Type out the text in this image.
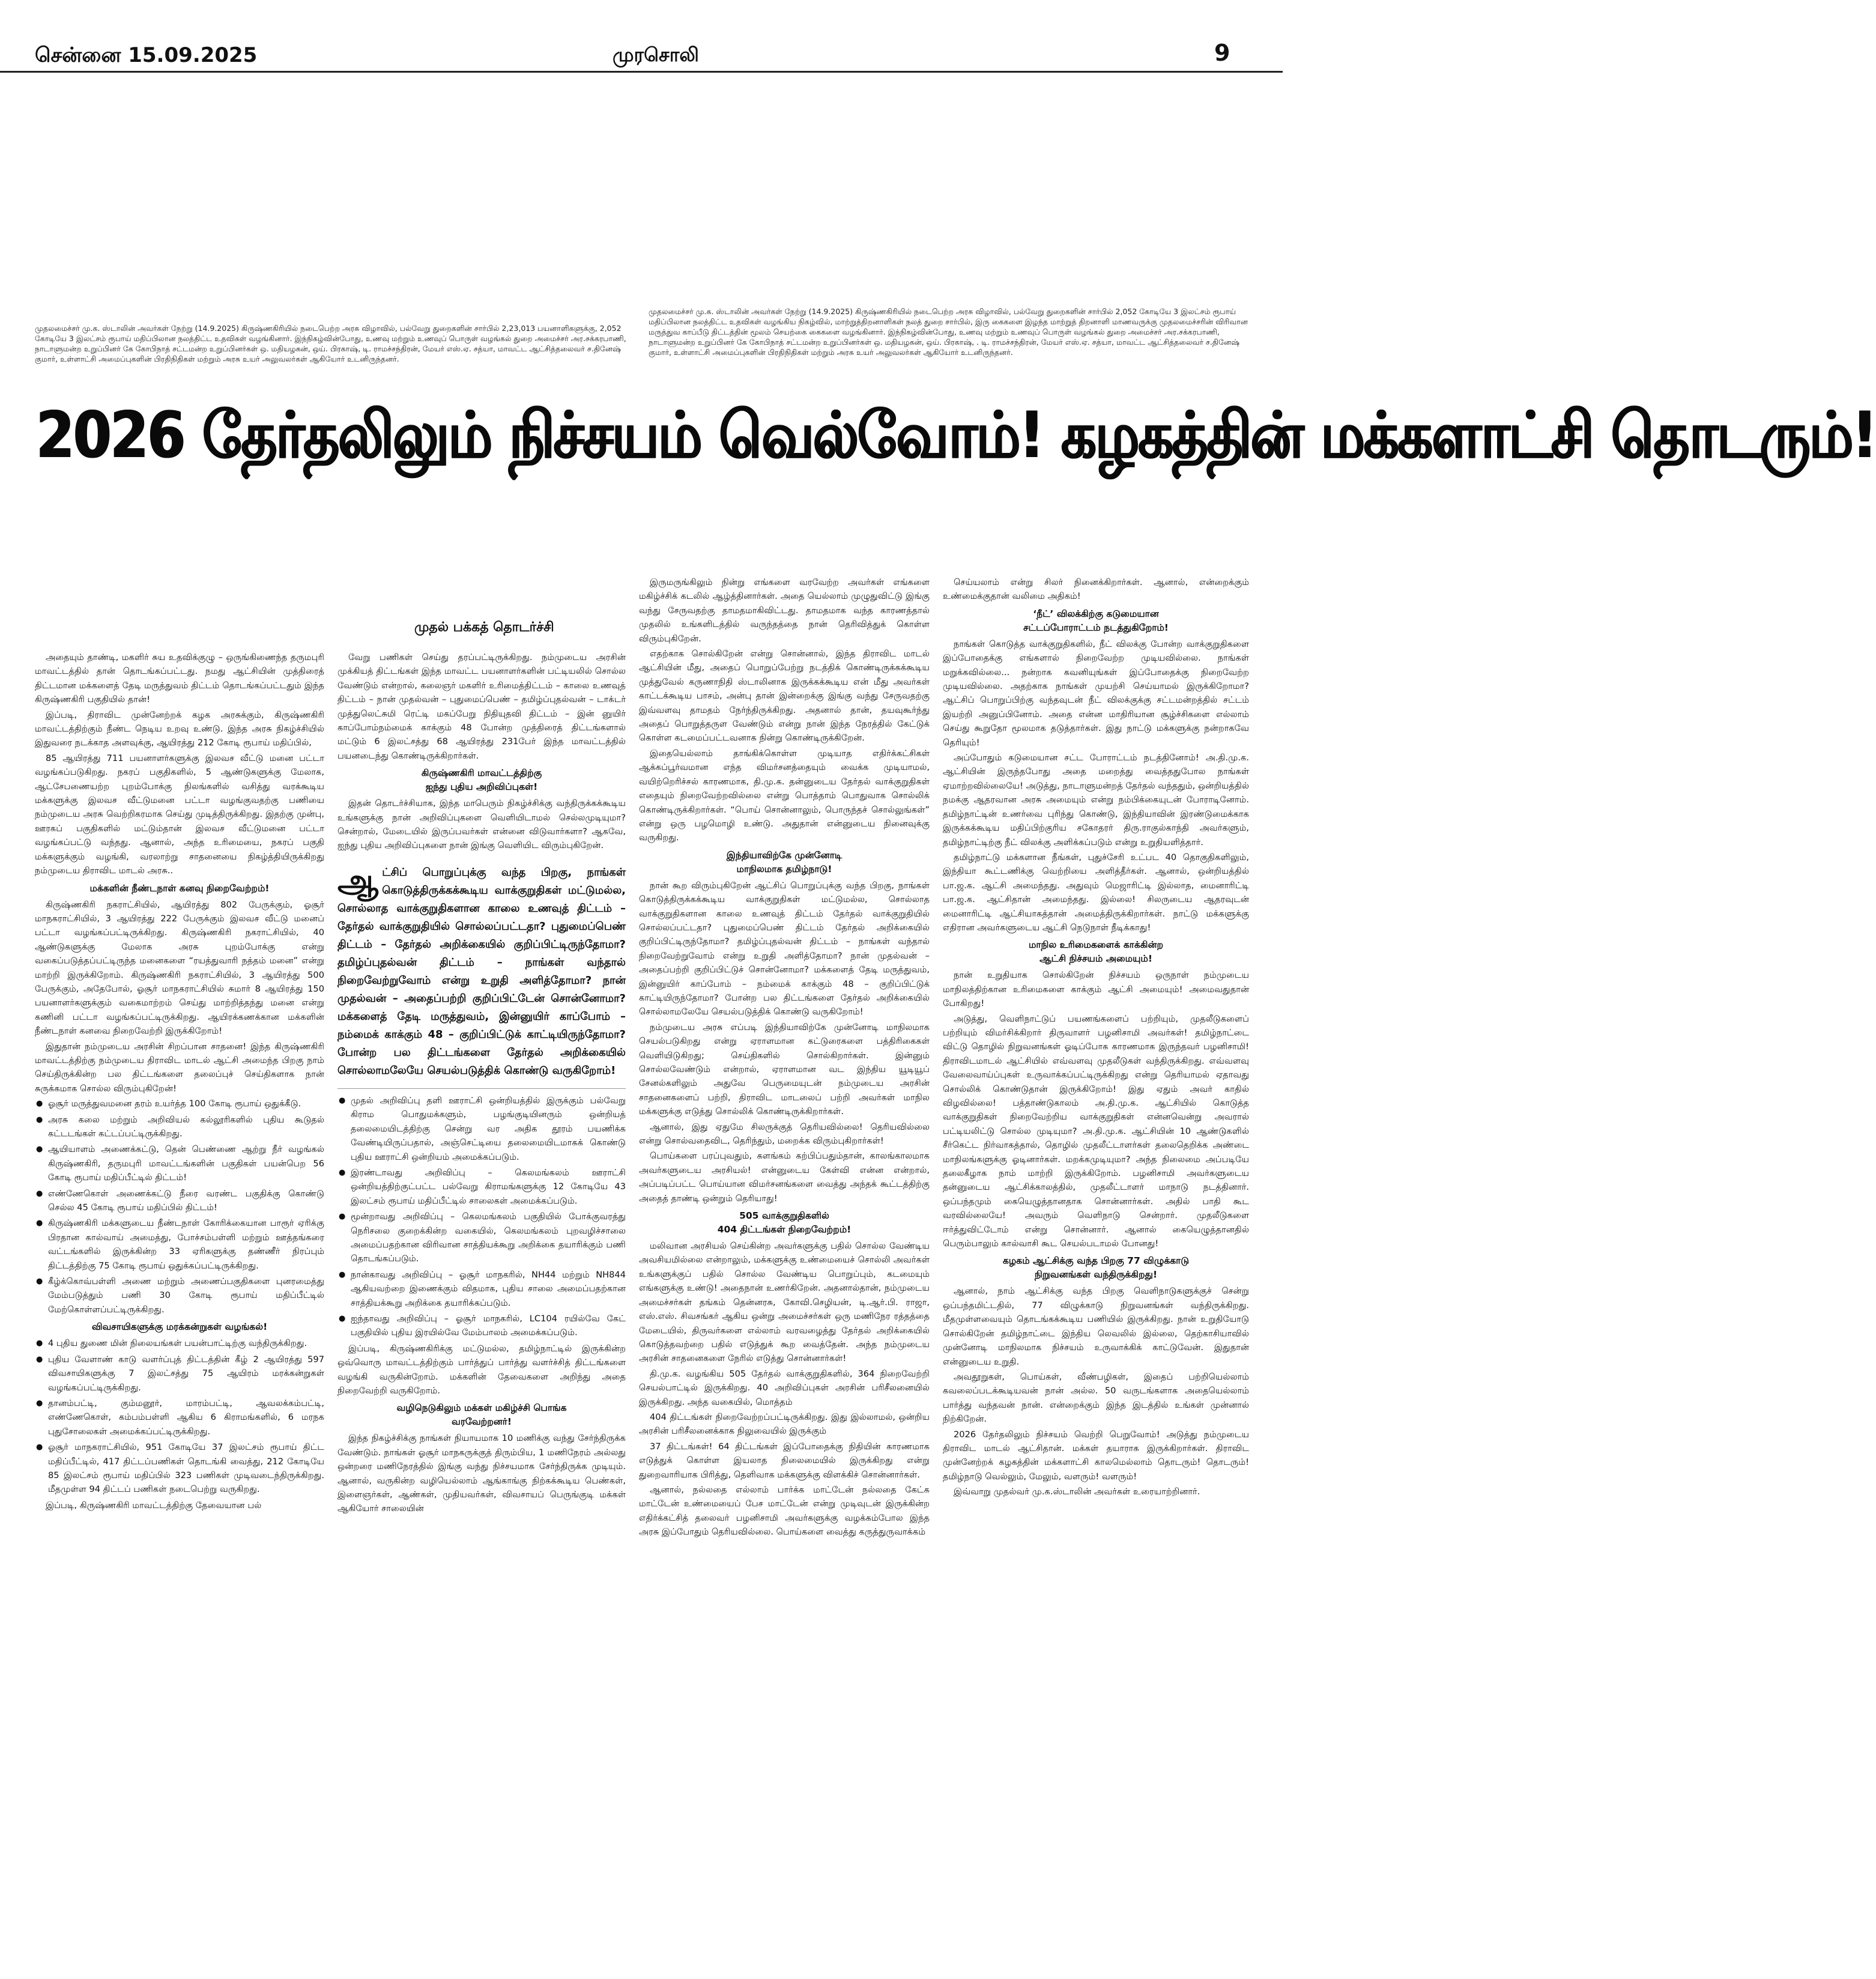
சென்னை 15.09.2025	முரசொலி	9
முதலமைச்சர் மு.க. ஸ்டாலின் அவர்கள் நேற்று (14.9.2025) கிருஷ்ணகிரியில் நடைபெற்ற அரசு விழாவில், பல்வேறு துறைகளின் சார்பில் 2,23,013 பயனாளிகளுக்கு, 2,052 கோடியே 3 இலட்சம் ரூபாய் மதிப்பிலான நலத்திட்ட உதவிகள் வழங்கினார். இந்நிகழ்வின்போது, உணவு மற்றும் உணவுப் பொருள் வழங்கல் துறை அமைச்சர் அர.சக்கரபாணி, நாடாளுமன்ற உறுப்பினர் கே கோபிநாத் சட்டமன்ற உறுப்பினர்கள் ஒ. மதியழகன், ஒய். பிரகாஷ், டி. ராமச்சந்திரன், மேயர் எஸ்.ஏ. சத்யா, மாவட்ட ஆட்சித்தலைவர் ச.தினேஷ் குமார், உள்ளாட்சி அமைப்புகளின் பிரதிநிதிகள் மற்றும் அரசு உயர் அலுவலர்கள் ஆகியோர் உடனிருந்தனர்.
முதலமைச்சர் மு.க. ஸ்டாலின் அவர்கள் நேற்று (14.9.2025) கிருஷ்ணகிரியில் நடைபெற்ற அரசு விழாவில், பல்வேறு துறைகளின் சார்பில் 2,052 கோடியே 3 இலட்சம் ரூபாய் மதிப்பிலான நலத்திட்ட உதவிகள் வழங்கிய நிகழ்வில், மாற்றுத்திறனாளிகள் நலத் துறை சார்பில், இரு கைகளை இழந்த மாற்றுத் திறனாளி மாணவருக்கு முதலமைச்சரின் விரிவான மருத்துவ காப்பீடு திட்டத்தின் மூலம் செயற்கை கைகளை வழங்கினார். இந்நிகழ்வின்போது, உணவு மற்றும் உணவுப் பொருள் வழங்கல் துறை அமைச்சர் அர.சக்கரபாணி, நாடாளுமன்ற உறுப்பினர் கே கோபிநாத் சட்டமன்ற உறுப்பினர்கள் ஒ. மதியழகன், ஒய். பிரகாஷ், . டி. ராமச்சந்திரன், மேயர் எஸ்.ஏ. சத்யா, மாவட்ட ஆட்சித்தலைவர் ச.தினேஷ் குமார், உள்ளாட்சி அமைப்புகளின் பிரதிநிதிகள் மற்றும் அரசு உயர் அலுவலர்கள் ஆகியோர் உடனிருந்தனர்.
2026 தேர்தலிலும் நிச்சயம் வெல்வோம்! கழகத்தின் மக்களாட்சி தொடரும்!
முதல் பக்கத் தொடர்ச்சி

அதையும் தாண்டி, மகளிர் சுய உதவிக்குழு – ஒருங்கிணைந்த தருமபுரி மாவட்டத்தில் தான் தொடங்கப்பட்டது. நமது ஆட்சியின் முத்திரைத் திட்டமான மக்களைத் தேடி மருத்துவம் திட்டம் தொடங்கப்பட்டதும் இந்த கிருஷ்ணகிரி பகுதியில் தான்!

இப்படி, திராவிட முன்னேற்றக் கழக அரசுக்கும், கிருஷ்ணகிரி மாவட்டத்திற்கும் நீண்ட நெடிய உறவு உண்டு. இந்த அரசு நிகழ்ச்சியில் இதுவரை நடக்காத அளவுக்கு, ஆயிரத்து 212 கோடி ரூபாய் மதிப்பில்,

85 ஆயிரத்து 711 பயனாளர்களுக்கு இலவச வீட்டு மனை பட்டா வழங்கப்படுகிறது. நகரப் பகுதிகளில், 5 ஆண்டுகளுக்கு மேலாக, ஆட்சேபணையற்ற புறம்போக்கு நிலங்களில் வசித்து வரக்கூடிய மக்களுக்கு இலவச வீட்டுமனை பட்டா வழங்குவதற்கு பணியை நம்முடைய அரசு வெற்றிகரமாக செய்து முடித்திருக்கிறது. இதற்கு முன்பு, ஊரகப் பகுதிகளில் மட்டும்தான் இலவச வீட்டுமனை பட்டா வழங்கப்பட்டு வந்தது. ஆனால், அந்த உரிமையை, நகரப் பகுதி மக்களுக்கும் வழங்கி, வரலாற்று சாதனையை நிகழ்த்தியிருக்கிறது நம்முடைய திராவிட மாடல் அரசு..

மக்களின் நீண்டநாள் கனவு நிறைவேற்றம்!

கிருஷ்ணகிரி நகராட்சியில், ஆயிரத்து 802 பேருக்கும், ஓசூர் மாநகராட்சியில், 3 ஆயிரத்து 222 பேருக்கும் இலவச வீட்டு மனைப் பட்டா வழங்கப்பட்டிருக்கிறது. கிருஷ்ணகிரி நகராட்சியில், 40 ஆண்டுகளுக்கு மேலாக அரசு புறம்போக்கு என்று வகைப்படுத்தப்பட்டிருந்த மனைகளை “ரயத்துவாரி நத்தம் மனை” என்று மாற்றி இருக்கிறோம். கிருஷ்ணகிரி நகராட்சியில், 3 ஆயிரத்து 500 பேருக்கும், அதேபோல், ஓசூர் மாநகராட்சியில் சுமார் 8 ஆயிரத்து 150 பயனாளர்களுக்கும் வகைமாற்றம் செய்து மாற்றித்தந்து மனை என்று கணினி பட்டா வழங்கப்பட்டிருக்கிறது. ஆயிரக்கணக்கான மக்களின் நீண்டநாள் கனவை நிறைவேற்றி இருக்கிறோம்!

இதுதான் நம்முடைய அரசின் சிறப்பான சாதனை! இந்த கிருஷ்ணகிரி மாவட்டத்திற்கு நம்முடைய திராவிட மாடல் ஆட்சி அமைந்த பிறகு நாம் செய்திருக்கின்ற பல திட்டங்களை தலைப்புச் செய்திகளாக நான் சுருக்கமாக சொல்ல விரும்புகிறேன்!

● ஓசூர் மருத்துவமனை தரம் உயர்த்த 100 கோடி ரூபாய் ஒதுக்கீடு.
● அரசு கலை மற்றும் அறிவியல் கல்லூரிகளில் புதிய கூடுதல் கட்டடங்கள் கட்டப்பட்டிருக்கிறது.
● ஆயியாளம் அணைக்கட்டு, தென் பெண்ணை ஆற்று நீர் வழங்கல் கிருஷ்ணகிரி, தருமபுரி மாவட்டங்களின் பகுதிகள் பயன்பெற 56 கோடி ரூபாய் மதிப்பீட்டில் திட்டம்!
● எண்ணேகொள் அணைக்கட்டு நீரை வரண்ட பகுதிக்கு கொண்டு செல்ல 45 கோடி ரூபாய் மதிப்பில் திட்டம்!
● கிருஷ்ணகிரி மக்களுடைய நீண்டநாள் கோரிக்கையான பாரூர் ஏரிக்கு பிரதான கால்வாய் அமைத்து, போச்சம்பள்ளி மற்றும் ஊத்தங்கரை வட்டங்களில் இருக்கின்ற 33 ஏரிகளுக்கு தண்ணீர் நிரப்பும் திட்டத்திற்கு 75 கோடி ரூபாய் ஒதுக்கப்பட்டிருக்கிறது.
● கீழ்க்கொவ்பள்ளி அணை மற்றும் அணைப்பகுதிகளை புனரமைத்து மேம்படுத்தும் பணி 30 கோடி ரூபாய் மதிப்பீட்டில் மேற்கொள்ளப்பட்டிருக்கிறது.
விவசாயிகளுக்கு மரக்கன்றுகள் வழங்கல்!
● 4 புதிய துணை மின் நிலையங்கள் பயன்பாட்டிற்கு வந்திருக்கிறது.
● புதிய வேளாண் காடு வளர்ப்புத் திட்டத்தின் கீழ் 2 ஆயிரத்து 597 விவசாயிகளுக்கு 7 இலட்சத்து 75 ஆயிரம் மரக்கன்றுகள் வழங்கப்பட்டிருக்கிறது.
● தானம்பட்டி, கும்மனூர், மாரம்பட்டி, ஆவலக்கம்பட்டி, எண்ணேகொள், கம்பம்பள்ளி ஆகிய 6 கிராமங்களில், 6 மரநக புதுசோலைகள் அமைக்கப்பட்டிருக்கிறது.
● ஓசூர் மாநகராட்சியில், 951 கோடியே 37 இலட்சம் ரூபாய் திட்ட மதிப்பீட்டில், 417 திட்டப்பணிகள் தொடங்கி வைத்து, 212 கோடியே 85 இலட்சம் ரூபாய் மதிப்பில் 323 பணிகள் முடிவடைந்திருக்கிறது. மீதமுள்ள 94 திட்டப் பணிகள் நடைபெற்று வருகிறது.

இப்படி, கிருஷ்ணகிரி மாவட்டத்திற்கு தேவையான பல்

வேறு பணிகள் செய்து தரப்பட்டிருக்கிறது. நம்முடைய அரசின் முக்கியத் திட்டங்கள் இந்த மாவட்ட பயனாளர்களின் பட்டியலில் சொல்ல வேண்டும் என்றால், கலைஞர் மகளிர் உரிமைத்திட்டம் – காலை உணவுத் திட்டம் – நான் முதல்வன் – புதுமைப்பெண் – தமிழ்ப்புதல்வன் – டாக்டர் முத்துலெட்சுமி ரெட்டி மகப்பேறு நிதியுதவி திட்டம் – இன் னுயிர் காப்போம்நம்மைக் காக்கும் 48 போன்ற முத்திரைத் திட்டங்களால் மட்டும் 6 இலட்சத்து 68 ஆயிரத்து 231பேர் இந்த மாவட்டத்தில் பயனடைந்து கொண்டிருக்கிறார்கள்.

கிருஷ்ணகிரி மாவட்டத்திற்கு
ஐந்து புதிய அறிவிப்புகள்!

இதன் தொடர்ச்சியாக, இந்த மாபெரும் நிகழ்ச்சிக்கு வந்திருக்கக்கூடிய உங்களுக்கு நான் அறிவிப்புகளை வெளியிடாமல் செல்லமுடியுமா? சென்றால், மேடையில் இருப்பவர்கள் என்னை விடுவார்களா? ஆகவே, ஐந்து புதிய அறிவிப்புகளை நான் இங்கு வெளியிட விரும்புகிறேன்.

ஆட்சிப் பொறுப்புக்கு வந்த பிறகு, நாங்கள் கொடுத்திருக்கக்கூடிய வாக்குறுதிகள் மட்டுமல்ல, சொல்லாத வாக்குறுதிகளான காலை உணவுத் திட்டம் – தேர்தல் வாக்குறுதியில் சொல்லப்பட்டதா? புதுமைப்பெண் திட்டம் – தேர்தல் அறிக்கையில் குறிப்பிட்டிருந்தோமா? தமிழ்ப்புதல்வன் திட்டம் – நாங்கள் வந்தால் நிறைவேற்றுவோம் என்று உறுதி அளித்தோமா? நான் முதல்வன் – அதைப்பற்றி குறிப்பிட்டேன் சொன்னோமா? மக்களைத் தேடி மருத்துவம், இன்னுயிர் காப்போம் – நம்மைக் காக்கும் 48 – குறிப்பிட்டுக் காட்டியிருந்தோமா? போன்ற பல திட்டங்களை தேர்தல் அறிக்கையில் சொல்லாமலேயே செயல்படுத்திக் கொண்டு வருகிறோம்!
● முதல் அறிவிப்பு தளி ஊராட்சி ஒன்றியத்தில் இருக்கும் பல்வேறு கிராம பொதுமக்களும், பழங்குடியினரும் ஒன்றியத் தலைமையிடத்திற்கு சென்று வர அதிக தூரம் பயணிக்க வேண்டியிருப்பதால், அஞ்செட்டியை தலைமையிடமாகக் கொண்டு புதிய ஊராட்சி ஒன்றியம் அமைக்கப்படும்.
● இரண்டாவது அறிவிப்பு – கெலமங்கலம் ஊராட்சி ஒன்றியத்திற்குட்பட்ட பல்வேறு கிராமங்களுக்கு 12 கோடியே 43 இலட்சம் ரூபாய் மதிப்பீட்டில் சாலைகள் அமைக்கப்படும்.
● மூன்றாவது அறிவிப்பு – கெலமங்கலம் பகுதியில் போக்குவரத்து நெரிசலை குறைக்கின்ற வகையில், கெலமங்கலம் புறவழிச்சாலை அமைப்பதற்கான விரிவான சாத்தியக்கூறு அறிக்கை தயாரிக்கும் பணி தொடங்கப்படும்.
● நான்காவது அறிவிப்பு – ஓசூர் மாநகரில், NH44 மற்றும் NH844 ஆகியவற்றை இணைக்கும் விதமாக, புதிய சாலை அமைப்பதற்கான சாத்தியக்கூறு அறிக்கை தயாரிக்கப்படும்.
● ஐந்தாவது அறிவிப்பு – ஓசூர் மாநகரில், LC104 ரயில்வே கேட் பகுதியில் புதிய இரயில்வே மேம்பாலம் அமைக்கப்படும்.

இப்படி, கிருஷ்ணகிரிக்கு மட்டுமல்ல, தமிழ்நாட்டில் இருக்கின்ற ஒவ்வொரு மாவட்டத்திற்கும் பார்த்துப் பார்த்து வளர்ச்சித் திட்டங்களை வழங்கி வருகின்றோம். மக்களின் தேவைகளை அறிந்து அதை நிறைவேற்றி வருகிறோம்.

வழிநெடுகிலும் மக்கள் மகிழ்ச்சி பொங்க
வரவேற்றனர்!

இந்த நிகழ்ச்சிக்கு நாங்கள் நியாயமாக 10 மணிக்கு வந்து சேர்ந்திருக்க வேண்டும். நாங்கள் ஓசூர் மாநகருக்குத் திரும்பிய, 1 மணிநேரம் அல்லது ஒன்றரை மணிநேரத்தில் இங்கு வந்து நிச்சயமாக சேர்ந்திருக்க முடியும். ஆனால், வருகின்ற வழியெல்லாம் ஆங்காங்கு நிற்கக்கூடிய பெண்கள், இளைஞர்கள், ஆண்கள், முதியவர்கள், விவசாயப் பெருங்குடி மக்கள் ஆகியோர் சாலையின்

இருமருங்கிலும் நின்று எங்களை வரவேற்ற அவர்கள் எங்களை மகிழ்ச்சிக் கடலில் ஆழ்த்தினார்கள். அதை யெல்லாம் முழுதுவிட்டு இங்கு வந்து சேருவதற்கு தாமதமாகிவிட்டது. தாமதமாக வந்த காரணத்தால் முதலில் உங்களிடத்தில் வருந்தத்தை நான் தெரிவித்துக் கொள்ள விரும்புகிறேன்.

எதற்காக சொல்கிறேன் என்று சொன்னால், இந்த திராவிட மாடல் ஆட்சியின் மீது, அதைப் பொறுப்பேற்று நடத்திக் கொண்டிருக்கக்கூடிய முத்துவேல் கருணாநிதி ஸ்டாலினாக இருக்கக்கூடிய என் மீது அவர்கள் காட்டக்கூடிய பாசம், அன்பு தான் இன்றைக்கு இங்கு வந்து சேருவதற்கு இவ்வளவு தாமதம் நேர்ந்திருக்கிறது. அதனால் தான், தயவுகூர்ந்து அதைப் பொறுத்தருள வேண்டும் என்று நான் இந்த நேரத்தில் கேட்டுக் கொள்ள கடமைப்பட்டவனாக நின்று கொண்டிருக்கிறேன்.

இதையெல்லாம் தாங்கிக்கொள்ள முடியாத எதிர்க்கட்சிகள் ஆக்கப்பூர்வமான எந்த விமர்சனத்தையும் வைக்க முடியாமல், வயிற்றெரிச்சல் காரணமாக, தி.மு.க. தன்னுடைய தேர்தல் வாக்குறுதிகள் எதையும் நிறைவேற்றவில்லை என்று பொத்தாம் பொதுவாக சொல்லிக் கொண்டிருக்கிறார்கள். “பொய் சொன்னாலும், பொருந்தச் சொல்லுங்கள்” என்று ஒரு பழமொழி உண்டு. அதுதான் என்னுடைய நினைவுக்கு வருகிறது.

இந்தியாவிற்கே முன்னோடி
மாநிலமாக தமிழ்நாடு!

நான் கூற விரும்புகிறேன் ஆட்சிப் பொறுப்புக்கு வந்த பிறகு, நாங்கள் கொடுத்திருக்கக்கூடிய வாக்குறுதிகள் மட்டுமல்ல, சொல்லாத வாக்குறுதிகளான காலை உணவுத் திட்டம் தேர்தல் வாக்குறுதியில் சொல்லப்பட்டதா? புதுமைப்பெண் திட்டம் தேர்தல் அறிக்கையில் குறிப்பிட்டிருந்தோமா? தமிழ்ப்புதல்வன் திட்டம் – நாங்கள் வந்தால் நிறைவேற்றுவோம் என்று உறுதி அளித்தோமா? நான் முதல்வன் – அதைப்பற்றி குறிப்பிட்டுச் சொன்னோமா? மக்களைத் தேடி மருத்துவம், இன்னுயிர் காப்போம் – நம்மைக் காக்கும் 48 – குறிப்பிட்டுக் காட்டியிருந்தோமா? போன்ற பல திட்டங்களை தேர்தல் அறிக்கையில் சொல்லாமலேயே செயல்படுத்திக் கொண்டு வருகிறோம்!

நம்முடைய அரசு எப்படி இந்தியாவிற்கே முன்னோடி மாநிலமாக செயல்படுகிறது என்று ஏராளமான கட்டுரைகளை பத்திரிகைகள் வெளியிடுகிறது; செய்திகளில் சொல்கிறார்கள். இன்னும் சொல்லவேண்டும் என்றால், ஏராளமான வட இந்திய யூடியூப் சேனல்களிலும் அதுவே பெருமையுடன் நம்முடைய அரசின் சாதனைகளைப் பற்றி, திராவிட மாடலைப் பற்றி அவர்கள் மாநில மக்களுக்கு எடுத்து சொல்லிக் கொண்டிருக்கிறார்கள்.

ஆனால், இது ஏதுமே சிலருக்குத் தெரியவில்லை! தெரியவில்லை என்று சொல்வதைவிட, தெரிந்தும், மறைக்க விரும்புகிறார்கள்!

பொய்களை பரப்புவதும், களங்கம் கற்பிப்பதும்தான், காலங்காலமாக அவர்களுடைய அரசியல்! என்னுடைய கேள்வி என்ன என்றால், அப்படிப்பட்ட பொய்யான விமர்சனங்களை வைத்து அந்தக் கூட்டத்திற்கு அதைத் தாண்டி ஒன்றும் தெரியாது!

505 வாக்குறுதிகளில்
404 திட்டங்கள் நிறைவேற்றம்!

மலிவான அரசியல் செய்கின்ற அவர்களுக்கு பதில் சொல்ல வேண்டிய அவசியமில்லை என்றாலும், மக்களுக்கு உண்மையைச் சொல்லி அவர்கள் உங்களுக்குப் பதில் சொல்ல வேண்டிய பொறுப்பும், கடமையும் எங்களுக்கு உண்டு! அதைநான் உணர்கிறேன். அதனால்தான், நம்முடைய அமைச்சர்கள் தங்கம் தென்னரசு, கோவி.செழியன், டி.ஆர்.பி. ராஜா, எஸ்.எஸ். சிவசங்கர் ஆகிய ஒன்று அமைச்சர்கள் ஒரு மணிநேர ரத்தத்தை மேடையில், திருவர்களை எல்லாம் வரவழைத்து தேர்தல் அறிக்கையில் கொடுத்தவற்றை பதில் எடுத்துக் கூற வைத்தேன். அந்த நம்முடைய அரசின் சாதனைகளை நேரில் எடுத்து சொன்னார்கள்!

தி.மு.க. வழங்கிய 505 தேர்தல் வாக்குறுதிகளில், 364 நிறைவேற்றி செயல்பாட்டில் இருக்கிறது. 40 அறிவிப்புகள் அரசின் பரிசீலனையில் இருக்கிறது. அந்த வகையில், மொத்தம்

404 திட்டங்கள் நிறைவேற்றப்பட்டிருக்கிறது. இது இல்லாமல், ஒன்றிய அரசின் பரிசீலனைக்காக நிலுவையில் இருக்கும்

37 திட்டங்கள்! 64 திட்டங்கள் இப்போதைக்கு நிதியின் காரணமாக எடுத்துக் கொள்ள இயலாத நிலைமையில் இருக்கிறது என்று துறைவாரியாக பிரித்து, தெளிவாக மக்களுக்கு விளக்கிச் சொன்னார்கள்.

ஆனால், நல்லதை எல்லாம் பார்க்க மாட்டேன் நல்லதை கேட்க மாட்டேன் உண்மையைப் பேச மாட்டேன் என்று முடிவுடன் இருக்கின்ற எதிர்க்கட்சித் தலைவர் பழனிசாமி அவர்களுக்கு வழக்கம்போல இந்த அரசு இப்போதும் தெரியவில்லை. பொய்களை வைத்து கருத்துருவாக்கம்

செய்யலாம் என்று சிலர் நினைக்கிறார்கள். ஆனால், என்றைக்கும் உண்மைக்குதான் வலிமை அதிகம்!

‘நீட்’ விலக்கிற்கு கடுமையான
சட்டப்போராட்டம் நடத்துகிறோம்!

நாங்கள் கொடுத்த வாக்குறுதிகளில், நீட் விலக்கு போன்ற வாக்குறுதிகளை இப்போதைக்கு எங்களால் நிறைவேற்ற முடியவில்லை. நாங்கள் மறுக்கவில்லை... நன்றாக கவனியுங்கள் இப்போதைக்கு நிறைவேற்ற முடியவில்லை. அதற்காக நாங்கள் முயற்சி செய்யாமல் இருக்கிறோமா? ஆட்சிப் பொறுப்பிற்கு வந்தவுடன் நீட் விலக்குக்கு சட்டமன்றத்தில் சட்டம் இயற்றி அனுப்பினோம். அதை என்ன மாதிரியான சூழ்ச்சிகளை எல்லாம் செய்து கூறுதோ மூலமாக தடுத்தார்கள். இது நாட்டு மக்களுக்கு நன்றாகவே தெரியும்!

அப்போதும் கடுமையான சட்ட போராட்டம் நடத்தினோம்! அ.தி.மு.க. ஆட்சியின் இருந்தபோது அதை மறைத்து வைத்ததுபோல நாங்கள் ஏமாற்றவில்லையே! அடுத்து, நாடாளுமன்றத் தேர்தல் வந்ததும், ஒன்றியத்தில் நமக்கு ஆதரவான அரசு அமையும் என்று நம்பிக்கையுடன் போராடினோம். தமிழ்நாட்டின் உணர்வை புரிந்து கொண்டு, இந்தியாவின் இரண்டுமைக்காக இருக்கக்கூடிய மதிப்பிற்குரிய சகோதரர் திரு.ராகுல்காந்தி அவர்களும், தமிழ்நாட்டிற்கு நீட் விலக்கு அளிக்கப்படும் என்று உறுதியளித்தார்.

தமிழ்நாட்டு மக்களான நீங்கள், புதுச்சேரி உட்பட 40 தொகுதிகளிலும், இந்தியா கூட்டணிக்கு வெற்றியை அளித்தீர்கள். ஆனால், ஒன்றியத்தில் பா.ஜ.க. ஆட்சி அமைந்தது. அதுவும் மெஜாரிட்டி இல்லாத, மைனாரிட்டி பா.ஜ.க. ஆட்சிதான் அமைந்தது. இல்லை! சிலருடைய ஆதரவுடன் மைனாரிட்டி ஆட்சியாகத்தான் அமைத்திருக்கிறார்கள். நாட்டு மக்களுக்கு எதிரான அவர்களுடைய ஆட்சி நெடுநாள் நீடிக்காது!

மாநில உரிமைகளைக் காக்கின்ற
ஆட்சி நிச்சயம் அமையும்!

நான் உறுதியாக சொல்கிறேன் நிச்சயம் ஒருநாள் நம்முடைய மாநிலத்திற்கான உரிமைகளை காக்கும் ஆட்சி அமையும்! அமைவதுதான் போகிறது!

அடுத்து, வெளிநாட்டுப் பயணங்களைப் பற்றியும், முதலீடுகளைப் பற்றியும் விமர்சிக்கிறார் திருவாளர் பழனிசாமி அவர்கள்! தமிழ்நாட்டை விட்டு தொழில் நிறுவனங்கள் ஓடிப்போக காரணமாக இருந்தவர் பழனிசாமி! திராவிடமாடல் ஆட்சியில் எவ்வளவு முதலீடுகள் வந்திருக்கிறது. எவ்வளவு வேலைவாய்ப்புகள் உருவாக்கப்பட்டிருக்கிறது என்று தெரியாமல் ஏதாவது சொல்லிக் கொண்டுதான் இருக்கிறோம்! இது ஏதும் அவர் காதில் விழவில்லை! பத்தாண்டுகாலம் அ.தி.மு.க. ஆட்சியில் கொடுத்த வாக்குறுதிகள் நிறைவேற்றிய வாக்குறுதிகள் என்னவென்று அவரால் பட்டியலிட்டு சொல்ல முடியுமா? அ.தி.மு.க. ஆட்சியின் 10 ஆண்டுகளில் சீர்கெட்ட நிர்வாகத்தால், தொழில் முதலீட்டாளர்கள் தலைதெறிக்க அண்டை மாநிலங்களுக்கு ஓடினார்கள். மறக்கமுடியுமா? அந்த நிலைமை அப்படியே தலைகீழாக நாம் மாற்றி இருக்கிறோம். பழனிசாமி அவர்களுடைய தன்னுடைய ஆட்சிக்காலத்தில், முதலீட்டாளர் மாநாடு நடத்தினார். ஒப்பந்தமும் கையெழுத்தானதாக சொன்னார்கள். அதில் பாதி கூட வரவில்லையே! அவரும் வெளிநாடு சென்றார். முதலீடுகளை ஈர்த்துவிட்டோம் என்று சொன்னார். ஆனால் கையெழுத்தானதில் பெரும்பாலும் கால்வாசி கூட செயல்படாமல் போனது!

கழகம் ஆட்சிக்கு வந்த பிறகு 77 விழுக்காடு
நிறுவனங்கள் வந்திருக்கிறது!

ஆனால், நாம் ஆட்சிக்கு வந்த பிறகு வெளிநாடுகளுக்குச் சென்று ஒப்பந்தமிட்டதில், 77 விழுக்காடு நிறுவனங்கள் வந்திருக்கிறது. மீதமுள்ளவையும் தொடங்கக்கூடிய பணியில் இருக்கிறது. நான் உறுதியோடு சொல்கிறேன் தமிழ்நாட்டை இந்திய லெவலில் இல்லை, தெற்காசியாவில் முன்னோடி மாநிலமாக நிச்சயம் உருவாக்கிக் காட்டுவேன். இதுதான் என்னுடைய உறுதி.

அவதூறுகள், பொய்கள், வீண்பழிகள், இதைப் பற்றியெல்லாம் கவலைப்படக்கூடியவன் நான் அல்ல. 50 வருடங்களாக அதையெல்லாம் பார்த்து வந்தவன் நான். என்றைக்கும் இந்த இடத்தில் உங்கள் முன்னால் நிற்கிறேன்.

2026 தேர்தலிலும் நிச்சயம் வெற்றி பெறுவோம்! அடுத்து நம்முடைய திராவிட மாடல் ஆட்சிதான். மக்கள் தயாராக இருக்கிறார்கள். திராவிட முன்னேற்றக் கழகத்தின் மக்களாட்சி காலமெல்லாம் தொடரும்! தொடரும்! தமிழ்நாடு வெல்லும், மேலும், வளரும்! வளரும்!

இவ்வாறு முதல்வர் மு.க.ஸ்டாலின் அவர்கள் உரையாற்றினார்.
